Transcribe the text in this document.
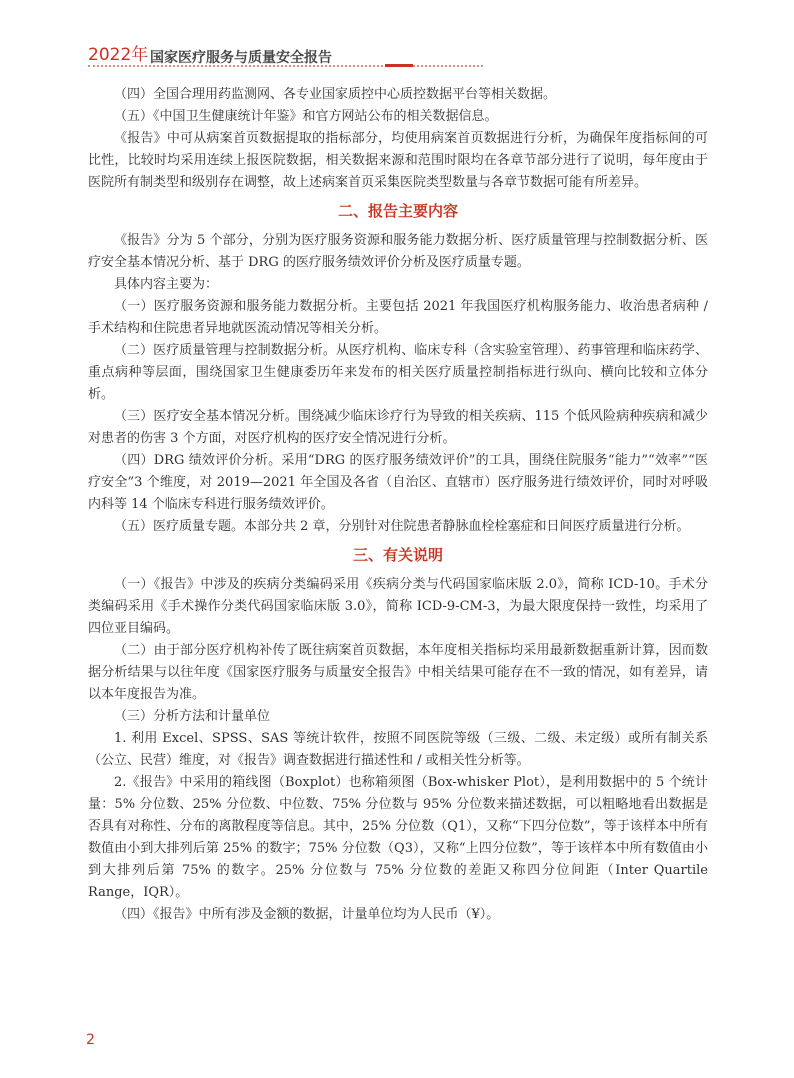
2022年 国家医疗服务与质量安全报告

（四）全国合理用药监测网、各专业国家质控中心质控数据平台等相关数据。

（五）《中国卫生健康统计年鉴》和官方网站公布的相关数据信息。

《报告》中可从病案首页数据提取的指标部分，均使用病案首页数据进行分析，为确保年度指标间的可比性，比较时均采用连续上报医院数据，相关数据来源和范围时限均在各章节部分进行了说明，每年度由于医院所有制类型和级别存在调整，故上述病案首页采集医院类型数量与各章节数据可能有所差异。

二、报告主要内容

《报告》分为 5 个部分，分别为医疗服务资源和服务能力数据分析、医疗质量管理与控制数据分析、医疗安全基本情况分析、基于 DRG 的医疗服务绩效评价分析及医疗质量专题。

具体内容主要为：

（一）医疗服务资源和服务能力数据分析。主要包括 2021 年我国医疗机构服务能力、收治患者病种 / 手术结构和住院患者异地就医流动情况等相关分析。

（二）医疗质量管理与控制数据分析。从医疗机构、临床专科（含实验室管理）、药事管理和临床药学、重点病种等层面，围绕国家卫生健康委历年来发布的相关医疗质量控制指标进行纵向、横向比较和立体分析。

（三）医疗安全基本情况分析。围绕减少临床诊疗行为导致的相关疾病、115 个低风险病种疾病和减少对患者的伤害 3 个方面，对医疗机构的医疗安全情况进行分析。

（四）DRG 绩效评价分析。采用“DRG 的医疗服务绩效评价”的工具，围绕住院服务“能力”“效率”“医疗安全”3 个维度，对 2019—2021 年全国及各省（自治区、直辖市）医疗服务进行绩效评价，同时对呼吸内科等 14 个临床专科进行服务绩效评价。

（五）医疗质量专题。本部分共 2 章，分别针对住院患者静脉血栓栓塞症和日间医疗质量进行分析。

三、有关说明

（一）《报告》中涉及的疾病分类编码采用《疾病分类与代码国家临床版 2.0》，简称 ICD-10。手术分类编码采用《手术操作分类代码国家临床版 3.0》，简称 ICD-9-CM-3，为最大限度保持一致性，均采用了四位亚目编码。

（二）由于部分医疗机构补传了既往病案首页数据，本年度相关指标均采用最新数据重新计算，因而数据分析结果与以往年度《国家医疗服务与质量安全报告》中相关结果可能存在不一致的情况，如有差异，请以本年度报告为准。

（三）分析方法和计量单位

1. 利用 Excel、SPSS、SAS 等统计软件，按照不同医院等级（三级、二级、未定级）或所有制关系（公立、民营）维度，对《报告》调查数据进行描述性和 / 或相关性分析等。

2.《报告》中采用的箱线图（Boxplot）也称箱须图（Box-whisker Plot），是利用数据中的 5 个统计量：5% 分位数、25% 分位数、中位数、75% 分位数与 95% 分位数来描述数据，可以粗略地看出数据是否具有对称性、分布的离散程度等信息。其中，25% 分位数（Q1），又称“下四分位数”，等于该样本中所有数值由小到大排列后第 25% 的数字；75% 分位数（Q3），又称“上四分位数”，等于该样本中所有数值由小到大排列后第 75% 的数字。25% 分位数与 75% 分位数的差距又称四分位间距（Inter Quartile Range，IQR）。

（四）《报告》中所有涉及金额的数据，计量单位均为人民币（¥）。

2
